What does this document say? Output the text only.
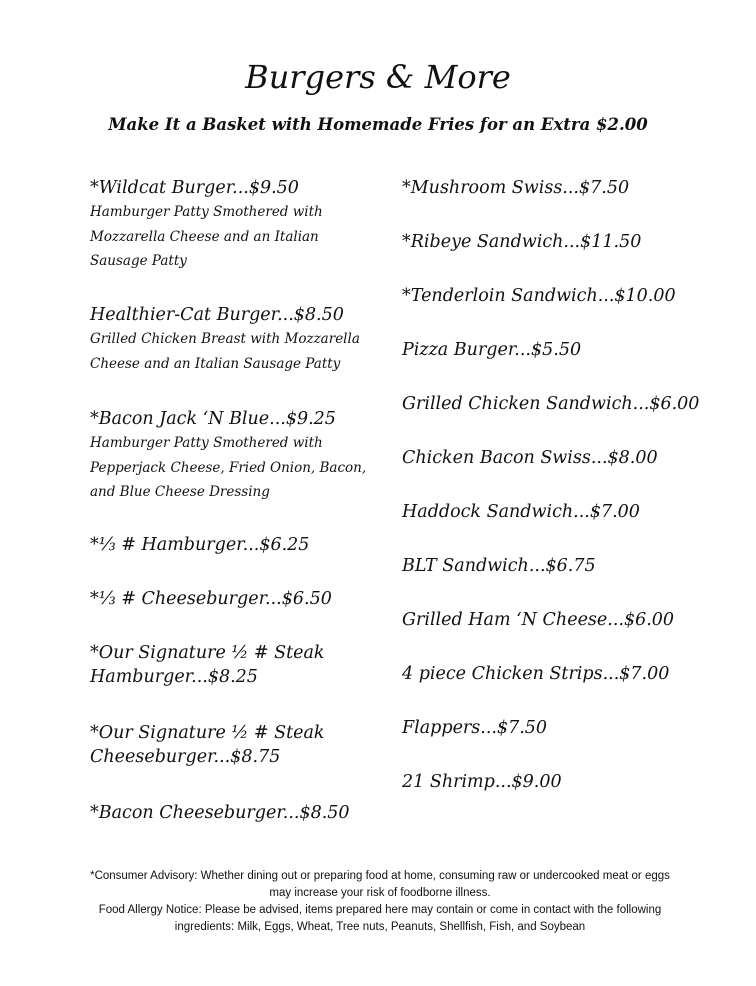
Burgers & More
Make It a Basket with Homemade Fries for an Extra $2.00
*Wildcat Burger...$9.50
Hamburger Patty Smothered with Mozzarella Cheese and an Italian Sausage Patty
Healthier-Cat Burger...$8.50
Grilled Chicken Breast with Mozzarella Cheese and an Italian Sausage Patty
*Bacon Jack ‘N Blue...$9.25
Hamburger Patty Smothered with Pepperjack Cheese, Fried Onion, Bacon, and Blue Cheese Dressing
*⅓ # Hamburger...$6.25
*⅓ # Cheeseburger...$6.50
*Our Signature ½ # Steak Hamburger...$8.25
*Our Signature ½ # Steak Cheeseburger...$8.75
*Bacon Cheeseburger...$8.50
*Mushroom Swiss...$7.50
*Ribeye Sandwich...$11.50
*Tenderloin Sandwich...$10.00
Pizza Burger...$5.50
Grilled Chicken Sandwich...$6.00
Chicken Bacon Swiss...$8.00
Haddock Sandwich...$7.00
BLT Sandwich...$6.75
Grilled Ham ‘N Cheese...$6.00
4 piece Chicken Strips...$7.00
Flappers...$7.50
21 Shrimp...$9.00

*Consumer Advisory: Whether dining out or preparing food at home, consuming raw or undercooked meat or eggs may increase your risk of foodborne illness.

Food Allergy Notice: Please be advised, items prepared here may contain or come in contact with the following ingredients: Milk, Eggs, Wheat, Tree nuts, Peanuts, Shellfish, Fish, and Soybean
